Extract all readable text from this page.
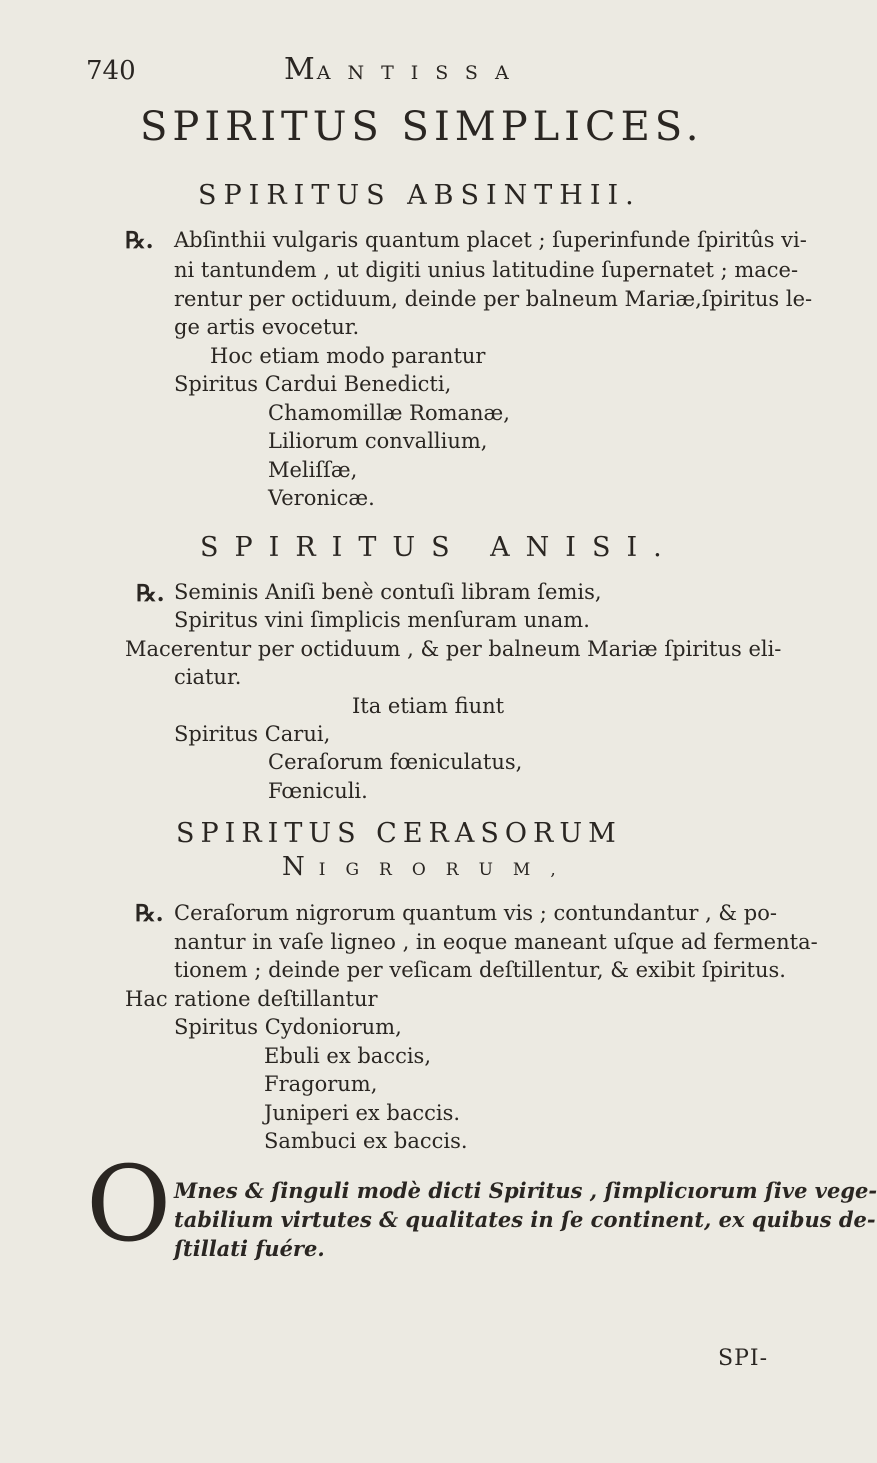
740	MANTISSA
SPIRITUS SIMPLICES.
SPIRITUS ABSINTHII.
℞. Abſinthii vulgaris quantum placet ; ſuperinfunde ſpiritûs vi-
ni tantundem , ut digiti unius latitudine ſupernatet ; mace-
rentur per octiduum, deinde per balneum Mariæ,ſpiritus le-
ge artis evocetur.
Hoc etiam modo parantur
Spiritus Cardui Benedicti,
Chamomillæ Romanæ,
Liliorum convallium,
Meliſſæ,
Veronicæ.
SPIRITUS ANISI.
℞. Seminis Aniſi benè contuſi libram ſemis,
Spiritus vini ſimplicis menſuram unam.
Macerentur per octiduum , & per balneum Mariæ ſpiritus eli-
ciatur.
Ita etiam fiunt
Spiritus Carui,
Ceraſorum fœniculatus,
Fœniculi.
SPIRITUS CERASORUM
NIGRORUM,
℞. Ceraſorum nigrorum quantum vis ; contundantur , & po-
nantur in vaſe ligneo , in eoque maneant uſque ad fermenta-
tionem ; deinde per veſicam deſtillentur, & exibit ſpiritus.
Hac ratione deſtillantur
Spiritus Cydoniorum,
Ebuli ex baccis,
Fragorum,
Juniperi ex baccis.
Sambuci ex baccis.
O Mnes & ſinguli modè dicti Spiritus , ſimplicıorum ſive vege-
tabilium virtutes & qualitates in ſe continent, ex quibus de-
ſtillati fuére.
SPI-
